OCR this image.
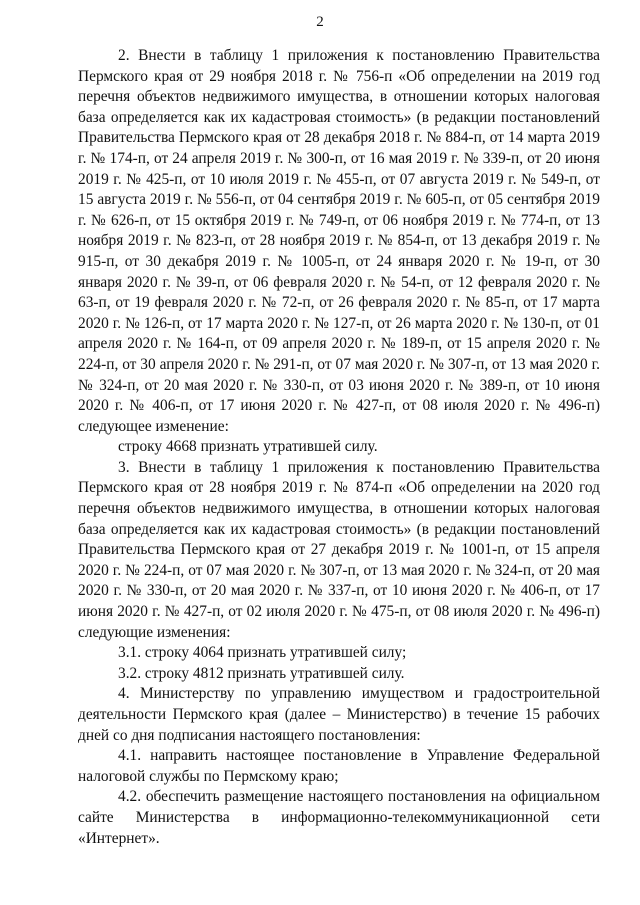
2

2. Внести в таблицу 1 приложения к постановлению Правительства Пермского края от 29 ноября 2018 г. № 756-п «Об определении на 2019 год перечня объектов недвижимого имущества, в отношении которых налоговая база определяется как их кадастровая стоимость» (в редакции постановлений Правительства Пермского края от 28 декабря 2018 г. № 884-п, от 14 марта 2019 г. № 174-п, от 24 апреля 2019 г. № 300-п, от 16 мая 2019 г. № 339-п, от 20 июня 2019 г. № 425-п, от 10 июля 2019 г. № 455-п, от 07 августа 2019 г. № 549-п, от 15 августа 2019 г. № 556-п, от 04 сентября 2019 г. № 605-п, от 05 сентября 2019 г. № 626-п, от 15 октября 2019 г. № 749-п, от 06 ноября 2019 г. № 774-п, от 13 ноября 2019 г. № 823-п, от 28 ноября 2019 г. № 854-п, от 13 декабря 2019 г. № 915-п, от 30 декабря 2019 г. № 1005-п, от 24 января 2020 г. № 19-п, от 30 января 2020 г. № 39-п, от 06 февраля 2020 г. № 54-п, от 12 февраля 2020 г. № 63-п, от 19 февраля 2020 г. № 72-п, от 26 февраля 2020 г. № 85-п, от 17 марта 2020 г. № 126-п, от 17 марта 2020 г. № 127-п, от 26 марта 2020 г. № 130-п, от 01 апреля 2020 г. № 164-п, от 09 апреля 2020 г. № 189-п, от 15 апреля 2020 г. № 224-п, от 30 апреля 2020 г. № 291-п, от 07 мая 2020 г. № 307-п, от 13 мая 2020 г. № 324-п, от 20 мая 2020 г. № 330-п, от 03 июня 2020 г. № 389-п, от 10 июня 2020 г. № 406-п, от 17 июня 2020 г. № 427-п, от 08 июля 2020 г. № 496-п) следующее изменение:

строку 4668 признать утратившей силу.

3. Внести в таблицу 1 приложения к постановлению Правительства Пермского края от 28 ноября 2019 г. № 874-п «Об определении на 2020 год перечня объектов недвижимого имущества, в отношении которых налоговая база определяется как их кадастровая стоимость» (в редакции постановлений Правительства Пермского края от 27 декабря 2019 г. № 1001-п, от 15 апреля 2020 г. № 224-п, от 07 мая 2020 г. № 307-п, от 13 мая 2020 г. № 324-п, от 20 мая 2020 г. № 330-п, от 20 мая 2020 г. № 337-п, от 10 июня 2020 г. № 406-п, от 17 июня 2020 г. № 427-п, от 02 июля 2020 г. № 475-п, от 08 июля 2020 г. № 496-п) следующие изменения:

3.1. строку 4064 признать утратившей силу;

3.2. строку 4812 признать утратившей силу.

4. Министерству по управлению имуществом и градостроительной деятельности Пермского края (далее – Министерство) в течение 15 рабочих дней со дня подписания настоящего постановления:

4.1. направить настоящее постановление в Управление Федеральной налоговой службы по Пермскому краю;

4.2. обеспечить размещение настоящего постановления на официальном сайте Министерства в информационно-телекоммуникационной сети «Интернет».
